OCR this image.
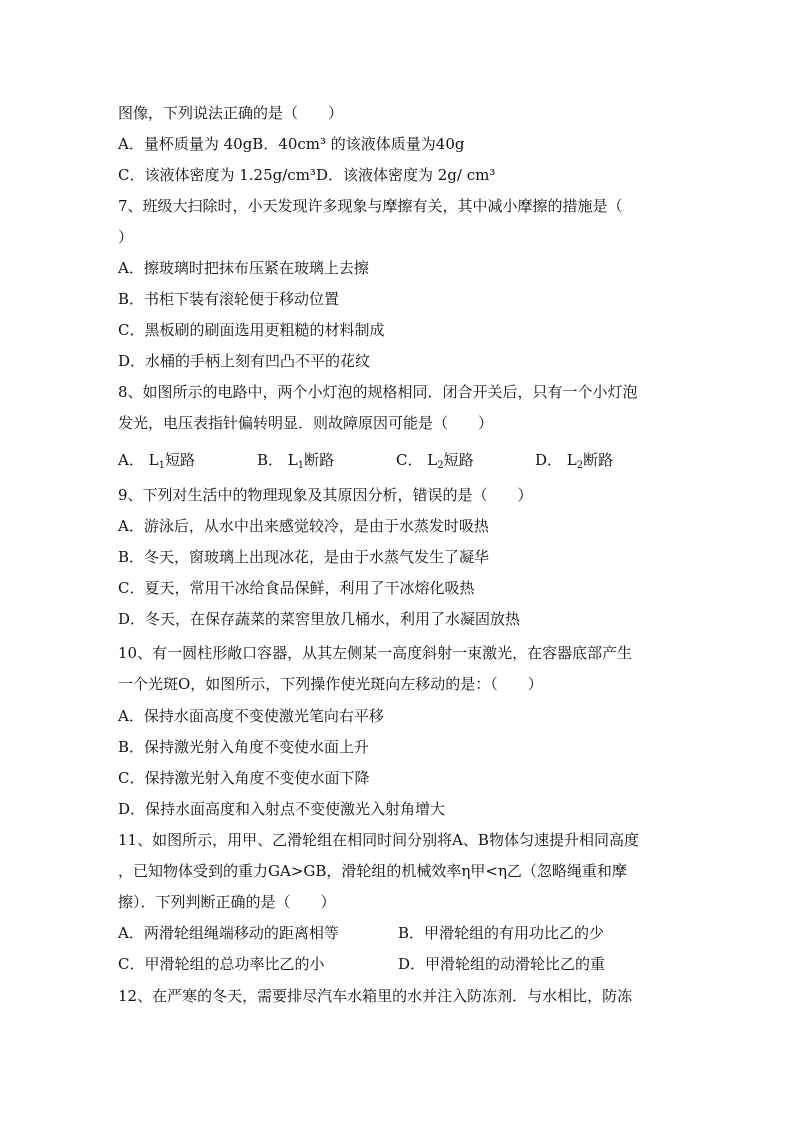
图像，下列说法正确的是（　　）
A．量杯质量为 40gB．40cm³ 的该液体质量为40g
C．该液体密度为 1.25g/cm³D．该液体密度为 2g/ cm³
7、班级大扫除时，小天发现许多现象与摩擦有关，其中减小摩擦的措施是（
）
A．擦玻璃时把抹布压紧在玻璃上去擦
B．书柜下装有滚轮便于移动位置
C．黑板刷的刷面选用更粗糙的材料制成
D．水桶的手柄上刻有凹凸不平的花纹
8、如图所示的电路中，两个小灯泡的规格相同．闭合开关后，只有一个小灯泡
发光，电压表指针偏转明显．则故障原因可能是（　　）
A． $L_1$短路	B． $L_1$断路	C． $L_2$短路	D． $L_2$断路
9、下列对生活中的物理现象及其原因分析，错误的是（　　）
A．游泳后，从水中出来感觉较冷，是由于水蒸发时吸热
B．冬天，窗玻璃上出现冰花，是由于水蒸气发生了凝华
C．夏天，常用干冰给食品保鲜，利用了干冰熔化吸热
D．冬天，在保存蔬菜的菜窖里放几桶水，利用了水凝固放热
10、有一圆柱形敞口容器，从其左侧某一高度斜射一束激光，在容器底部产生
一个光斑O，如图所示，下列操作使光斑向左移动的是：（　　）
A．保持水面高度不变使激光笔向右平移
B．保持激光射入角度不变使水面上升
C．保持激光射入角度不变使水面下降
D．保持水面高度和入射点不变使激光入射角增大
11、如图所示，用甲、乙滑轮组在相同时间分别将A、B物体匀速提升相同高度
，已知物体受到的重力GA>GB，滑轮组的机械效率η甲<η乙（忽略绳重和摩
擦）．下列判断正确的是（　　）
A．两滑轮组绳端移动的距离相等	B．甲滑轮组的有用功比乙的少
C．甲滑轮组的总功率比乙的小	D．甲滑轮组的动滑轮比乙的重
12、在严寒的冬天，需要排尽汽车水箱里的水并注入防冻剂．与水相比，防冻
